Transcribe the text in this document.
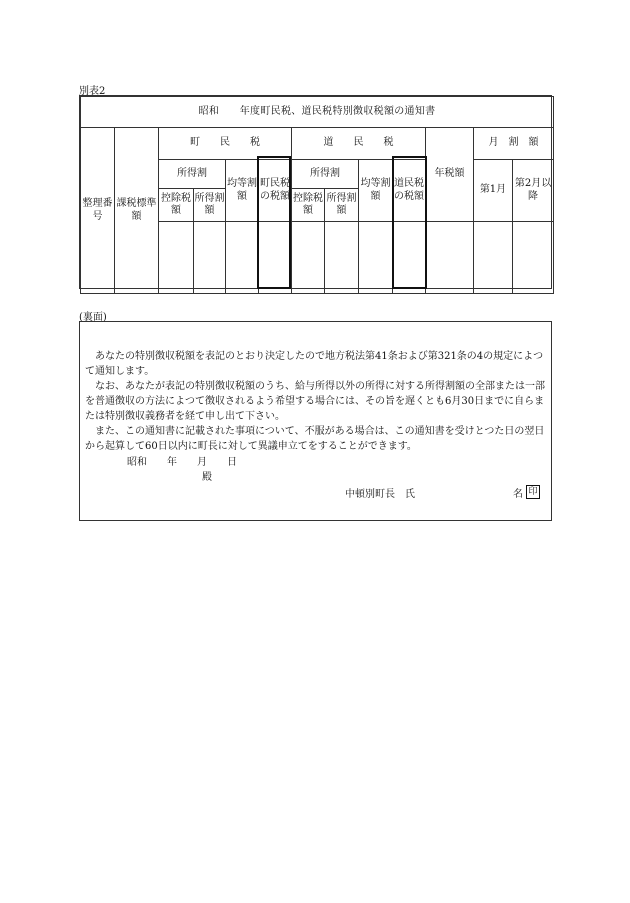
別表2
昭和　　年度町民税、道民税特別徴収税額の通知書												
整理番号	課税標準額	町　　民　　税				道　　民　　税				年税額	月　割　額	
		所得割		均等割額	町民税の税額	所得割		均等割額	道民税の税額		第1月	第2月以降
		控除税額	所得割額			控除税額	所得割額					

(裏面)
あなたの特別徴収税額を表記のとおり決定したので地方税法第41条および第321条の4の規定によつて通知します。
なお、あなたが表記の特別徴収税額のうち、給与所得以外の所得に対する所得割額の全部または一部を普通徴収の方法によつて徴収されるよう希望する場合には、その旨を遅くとも6月30日までに自らまたは特別徴収義務者を経て申し出て下さい。
また、この通知書に記載された事項について、不服がある場合は、この通知書を受けとつた日の翌日から起算して60日以内に町長に対して異議申立てをすることができます。
昭和　　年　　月　　日
殿
中頓別町長　氏	名 印
